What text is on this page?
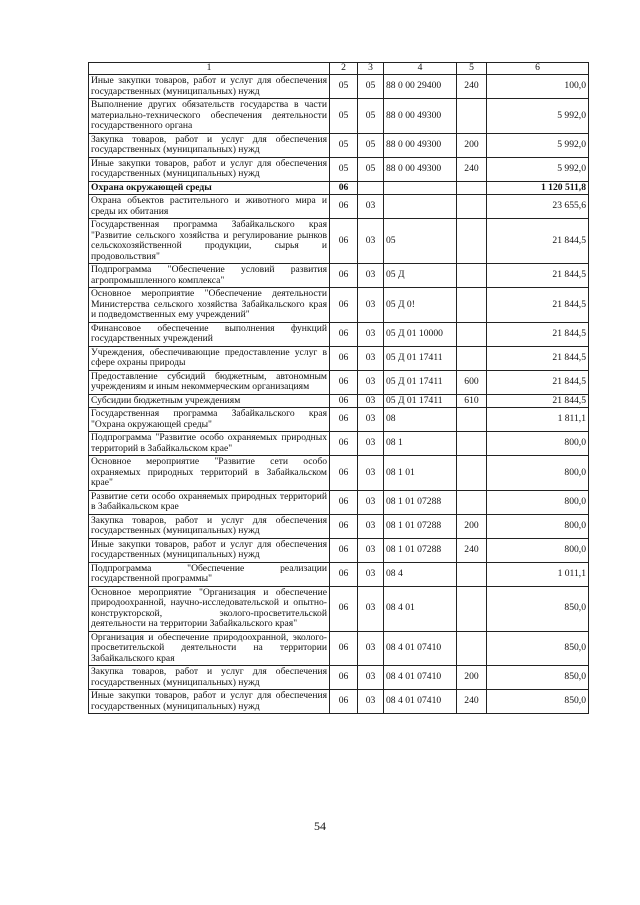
1	2	3	4	5	6
Иные закупки товаров, работ и услуг для обеспечения государственных (муниципальных) нужд	05	05	88 0 00 29400	240	100,0
Выполнение других обязательств государства в части материально-технического обеспечения деятельности государственного органа	05	05	88 0 00 49300		5 992,0
Закупка товаров, работ и услуг для обеспечения государственных (муниципальных) нужд	05	05	88 0 00 49300	200	5 992,0
Иные закупки товаров, работ и услуг для обеспечения государственных (муниципальных) нужд	05	05	88 0 00 49300	240	5 992,0
Охрана окружающей среды	06				1 120 511,8
Охрана объектов растительного и животного мира и среды их обитания	06	03			23 655,6
Государственная программа Забайкальского края "Развитие сельского хозяйства и регулирование рынков сельскохозяйственной продукции, сырья и продовольствия"	06	03	05		21 844,5
Подпрограмма "Обеспечение условий развития агропромышленного комплекса"	06	03	05 Д		21 844,5
Основное мероприятие "Обеспечение деятельности Министерства сельского хозяйства Забайкальского края и подведомственных ему учреждений"	06	03	05 Д 0!		21 844,5
Финансовое обеспечение выполнения функций государственных учреждений	06	03	05 Д 01 10000		21 844,5
Учреждения, обеспечивающие предоставление услуг в сфере охраны природы	06	03	05 Д 01 17411		21 844,5
Предоставление субсидий бюджетным, автономным учреждениям и иным некоммерческим организациям	06	03	05 Д 01 17411	600	21 844,5
Субсидии бюджетным учреждениям	06	03	05 Д 01 17411	610	21 844,5
Государственная программа Забайкальского края "Охрана окружающей среды"	06	03	08		1 811,1
Подпрограмма "Развитие особо охраняемых природных территорий в Забайкальском крае"	06	03	08 1		800,0
Основное мероприятие "Развитие сети особо охраняемых природных территорий в Забайкальском крае"	06	03	08 1 01		800,0
Развитие сети особо охраняемых природных территорий в Забайкальском крае	06	03	08 1 01 07288		800,0
Закупка товаров, работ и услуг для обеспечения государственных (муниципальных) нужд	06	03	08 1 01 07288	200	800,0
Иные закупки товаров, работ и услуг для обеспечения государственных (муниципальных) нужд	06	03	08 1 01 07288	240	800,0
Подпрограмма "Обеспечение реализации государственной программы"	06	03	08 4		1 011,1
Основное мероприятие "Организация и обеспечение природоохранной, научно-исследовательской и опытно-конструкторской, эколого-просветительской деятельности на территории Забайкальского края"	06	03	08 4 01		850,0
Организация и обеспечение природоохранной, эколого-просветительской деятельности на территории Забайкальского края	06	03	08 4 01 07410		850,0
Закупка товаров, работ и услуг для обеспечения государственных (муниципальных) нужд	06	03	08 4 01 07410	200	850,0
Иные закупки товаров, работ и услуг для обеспечения государственных (муниципальных) нужд	06	03	08 4 01 07410	240	850,0
54
